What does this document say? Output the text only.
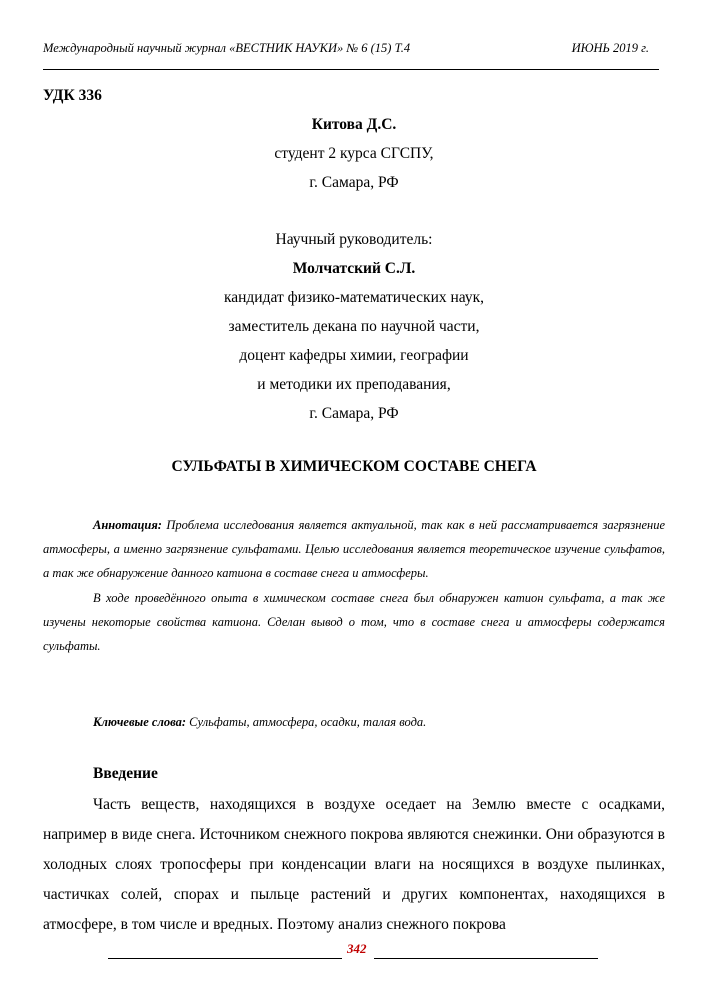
Международный научный журнал «ВЕСТНИК НАУКИ» № 6 (15) Т.4	ИЮНЬ 2019 г.
УДК 336
Китова Д.С.
студент 2 курса СГСПУ,
г. Самара, РФ
Научный руководитель:
Молчатский С.Л.
кандидат физико-математических наук,
заместитель декана по научной части,
доцент кафедры химии, географии
и методики их преподавания,
г. Самара, РФ
СУЛЬФАТЫ В ХИМИЧЕСКОМ СОСТАВЕ СНЕГА

Аннотация: Проблема исследования является актуальной, так как в ней рассматривается загрязнение атмосферы, а именно загрязнение сульфатами. Целью исследования является теоретическое изучение сульфатов, а так же обнаружение данного катиона в составе снега и атмосферы.

В ходе проведённого опыта в химическом составе снега был обнаружен катион сульфата, а так же изучены некоторые свойства катиона. Сделан вывод о том, что в составе снега и атмосферы содержатся сульфаты.

Ключевые слова: Сульфаты, атмосфера, осадки, талая вода.
Введение
Часть веществ, находящихся в воздухе оседает на Землю вместе с осадками, например в виде снега. Источником снежного покрова являются снежинки. Они образуются в холодных слоях тропосферы при конденсации влаги на носящихся в воздухе пылинках, частичках солей, спорах и пыльце растений и других компонентах, находящихся в атмосфере, в том числе и вредных. Поэтому анализ снежного покрова
342
